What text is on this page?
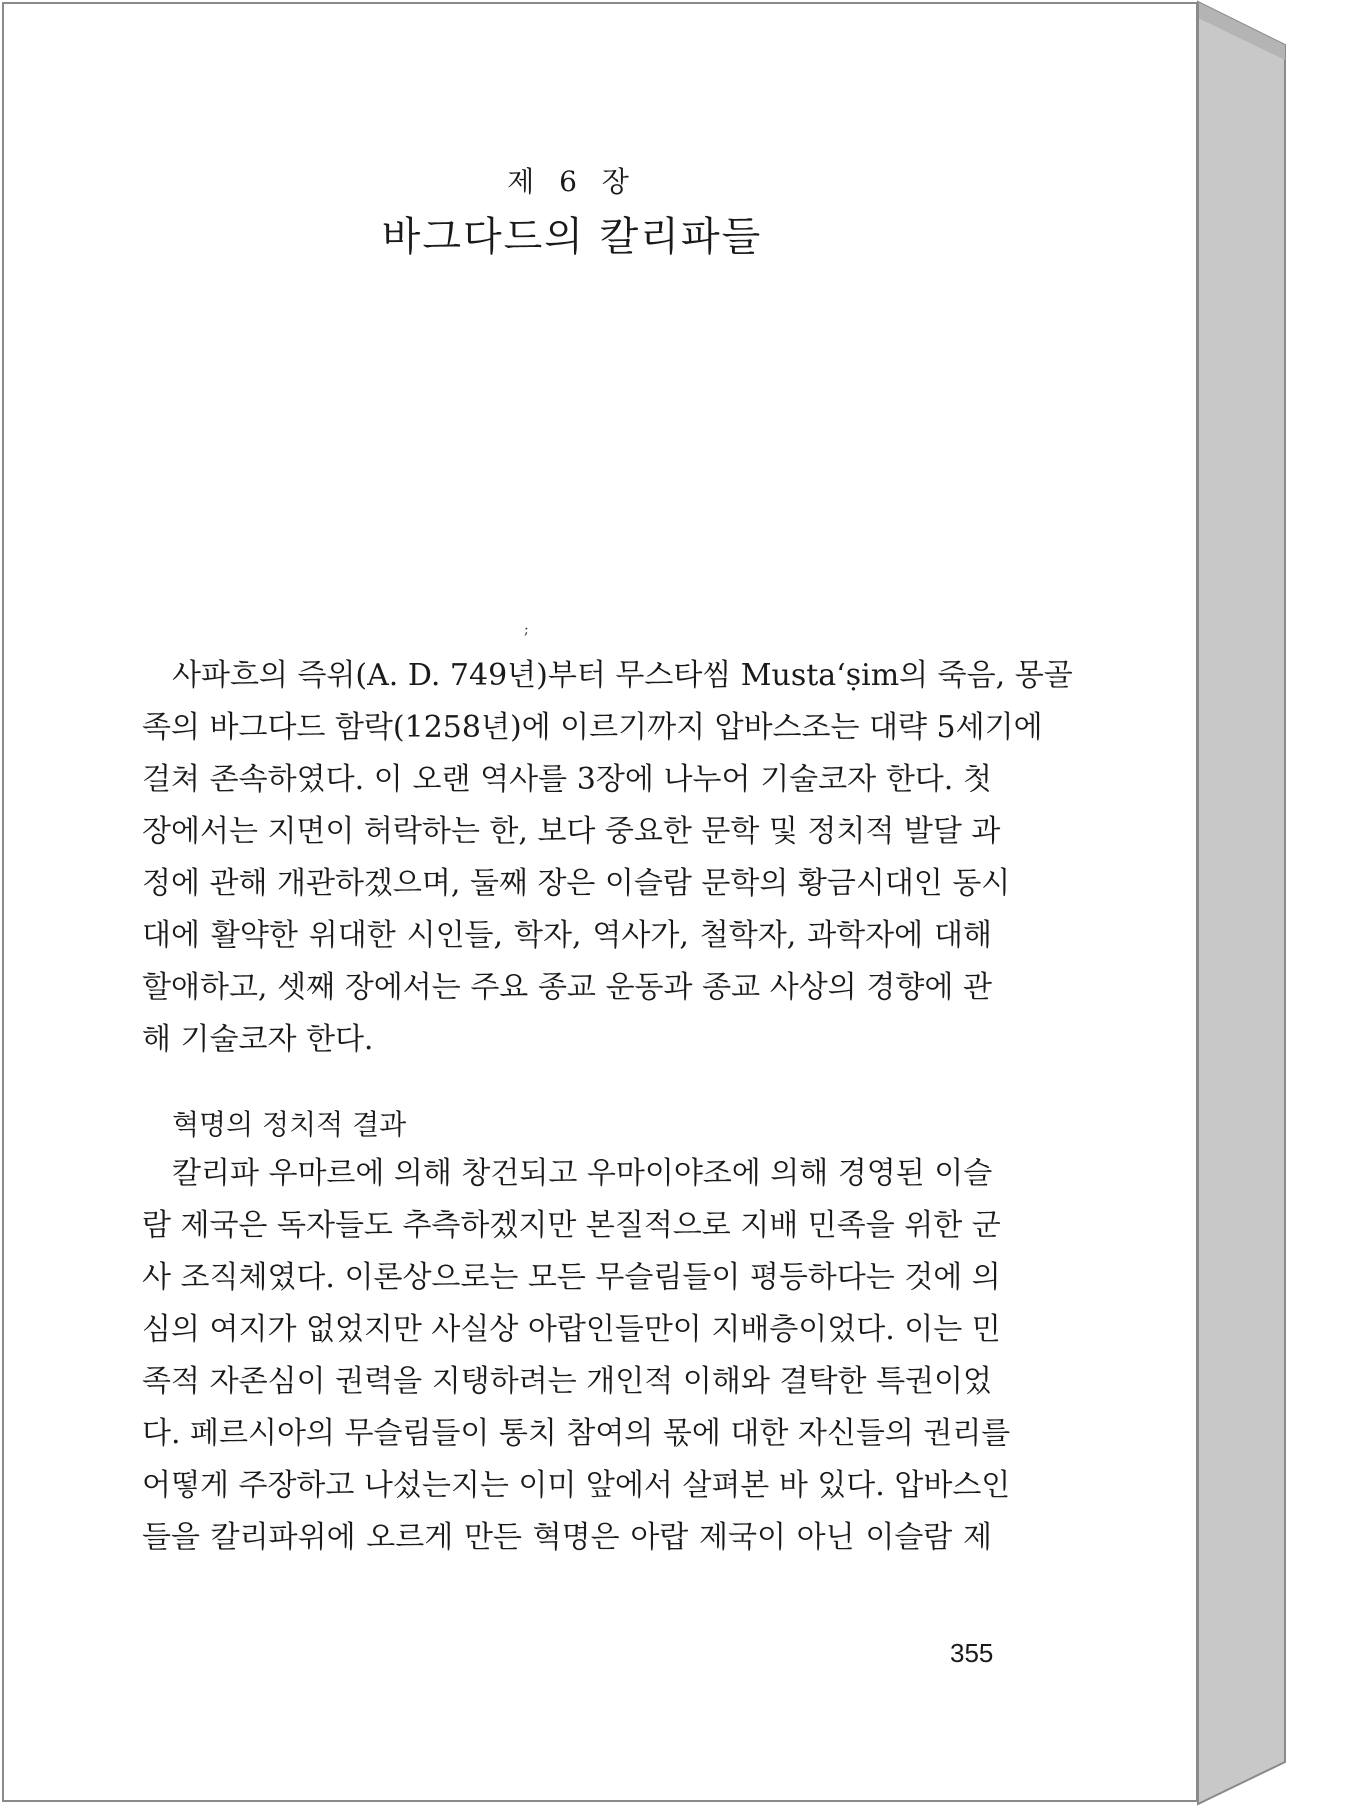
제 6 장
바그다드의 칼리파들
;
사파흐의 즉위(A. D. 749년)부터 무스타씸 Musta‘ṣim의 죽음, 몽골
족의 바그다드 함락(1258년)에 이르기까지 압바스조는 대략 5세기에
걸쳐 존속하였다. 이 오랜 역사를 3장에 나누어 기술코자 한다. 첫
장에서는 지면이 허락하는 한, 보다 중요한 문학 및 정치적 발달 과
정에 관해 개관하겠으며, 둘째 장은 이슬람 문학의 황금시대인 동시
대에 활약한 위대한 시인들, 학자, 역사가, 철학자, 과학자에 대해
할애하고, 셋째 장에서는 주요 종교 운동과 종교 사상의 경향에 관
해 기술코자 한다.
혁명의 정치적 결과
칼리파 우마르에 의해 창건되고 우마이야조에 의해 경영된 이슬
람 제국은 독자들도 추측하겠지만 본질적으로 지배 민족을 위한 군
사 조직체였다. 이론상으로는 모든 무슬림들이 평등하다는 것에 의
심의 여지가 없었지만 사실상 아랍인들만이 지배층이었다. 이는 민
족적 자존심이 권력을 지탱하려는 개인적 이해와 결탁한 특권이었
다. 페르시아의 무슬림들이 통치 참여의 몫에 대한 자신들의 권리를
어떻게 주장하고 나섰는지는 이미 앞에서 살펴본 바 있다. 압바스인
들을 칼리파위에 오르게 만든 혁명은 아랍 제국이 아닌 이슬람 제
355
